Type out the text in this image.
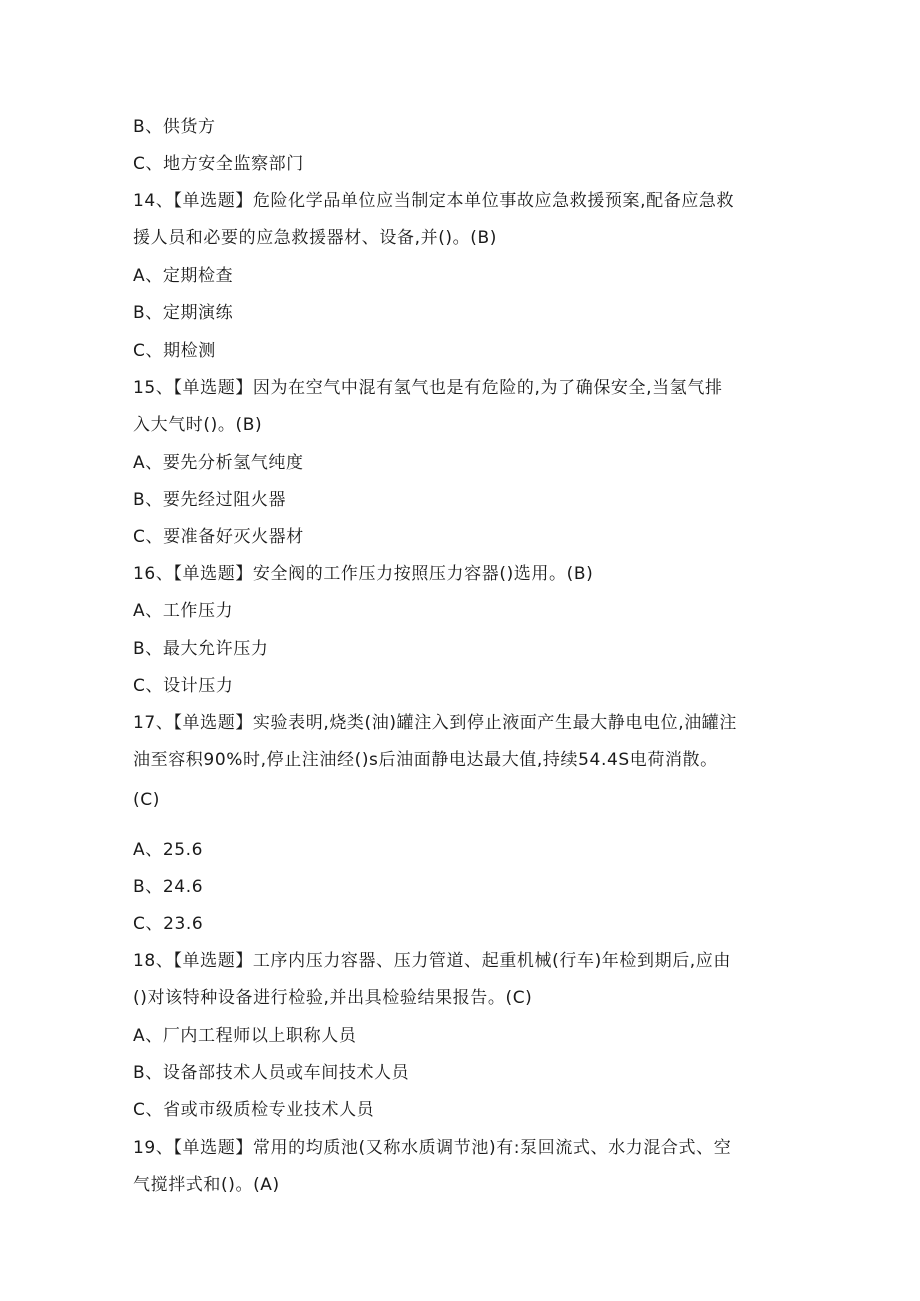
B、供货方
C、地方安全监察部门
14、【单选题】危险化学品单位应当制定本单位事故应急救援预案,配备应急救
援人员和必要的应急救援器材、设备,并()。(B)
A、定期检查
B、定期演练
C、期检测
15、【单选题】因为在空气中混有氢气也是有危险的,为了确保安全,当氢气排
入大气时()。(B)
A、要先分析氢气纯度
B、要先经过阻火器
C、要准备好灭火器材
16、【单选题】安全阀的工作压力按照压力容器()选用。(B)
A、工作压力
B、最大允许压力
C、设计压力
17、【单选题】实验表明,烧类(油)罐注入到停止液面产生最大静电电位,油罐注
油至容积90%时,停止注油经()s后油面静电达最大值,持续54.4S电荷消散。
(C)
A、25.6
B、24.6
C、23.6
18、【单选题】工序内压力容器、压力管道、起重机械(行车)年检到期后,应由
()对该特种设备进行检验,并出具检验结果报告。(C)
A、厂内工程师以上职称人员
B、设备部技术人员或车间技术人员
C、省或市级质检专业技术人员
19、【单选题】常用的均质池(又称水质调节池)有:泵回流式、水力混合式、空
气搅拌式和()。(A)
